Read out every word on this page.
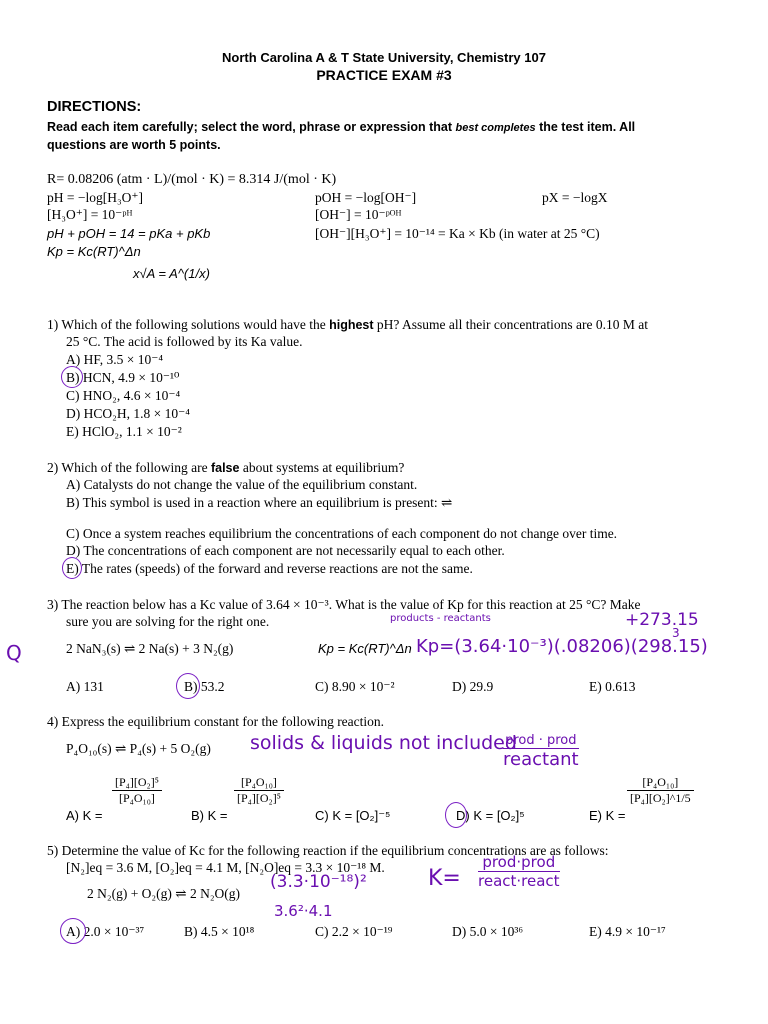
North Carolina A & T State University, Chemistry 107
PRACTICE EXAM #3
DIRECTIONS:
Read each item carefully; select the word, phrase or expression that best completes the test item. All
questions are worth 5 points.
R= 0.08206 (atm · L)/(mol · K) = 8.314 J/(mol · K)
pH = −log[H₃O⁺]	pOH = −log[OH⁻]	pX = −logX
[H₃O⁺] = 10⁻ᵖᴴ	[OH⁻] = 10⁻ᵖᴼᴴ
pH + pOH = 14 = pKa + pKb	[OH⁻][H₃O⁺] = 10⁻¹⁴ = Ka × Kb (in water at 25 °C)
Kp = Kc(RT)^Δn
x√A = A^(1/x)
1) Which of the following solutions would have the highest pH? Assume all their concentrations are 0.10 M at
25 °C. The acid is followed by its Ka value.
A) HF, 3.5 × 10⁻⁴
B) HCN, 4.9 × 10⁻¹⁰
C) HNO₂, 4.6 × 10⁻⁴
D) HCO₂H, 1.8 × 10⁻⁴
E) HClO₂, 1.1 × 10⁻²
2) Which of the following are false about systems at equilibrium?
A) Catalysts do not change the value of the equilibrium constant.
B) This symbol is used in a reaction where an equilibrium is present: ⇌
C) Once a system reaches equilibrium the concentrations of each component do not change over time.
D) The concentrations of each component are not necessarily equal to each other.
E) The rates (speeds) of the forward and reverse reactions are not the same.
3) The reaction below has a Kc value of 3.64 × 10⁻³. What is the value of Kp for this reaction at 25 °C? Make
sure you are solving for the right one.
2 NaN₃(s) ⇌ 2 Na(s) + 3 N₂(g)	Kp = Kc(RT)^Δn
products - reactants	+273.15
3
Kp=(3.64·10⁻³)(.08206)(298.15)
Q
A) 131	B) 53.2	C) 8.90 × 10⁻²	D) 29.9	E) 0.613
4) Express the equilibrium constant for the following reaction.
P₄O₁₀(s) ⇌ P₄(s) + 5 O₂(g) solids & liquids not included
prod · prod
reactant
$\frac{\text{[P₄][O₂]⁵}}{\text{[P₄O₁₀]}}$
A) K =
$\frac{\text{[P₄O₁₀]}}{\text{[P₄][O₂]⁵}}$
B) K =	C) K = [O₂]⁻⁵	D) K = [O₂]⁵
$\frac{\text{[P₄O₁₀]}}{\text{[P₄][O₂]\textasciicircum{}1/5}}$
E) K =
5) Determine the value of Kc for the following reaction if the equilibrium concentrations are as follows:
[N₂]eq = 3.6 M, [O₂]eq = 4.1 M, [N₂O]eq = 3.3 × 10⁻¹⁸ M.
2 N₂(g) + O₂(g) ⇌ 2 N₂O(g)
(3.3·10⁻¹⁸)²
3.6²·4.1
K=
prod·prod
react·react
A) 2.0 × 10⁻³⁷	B) 4.5 × 10¹⁸	C) 2.2 × 10⁻¹⁹	D) 5.0 × 10³⁶	E) 4.9 × 10⁻¹⁷
